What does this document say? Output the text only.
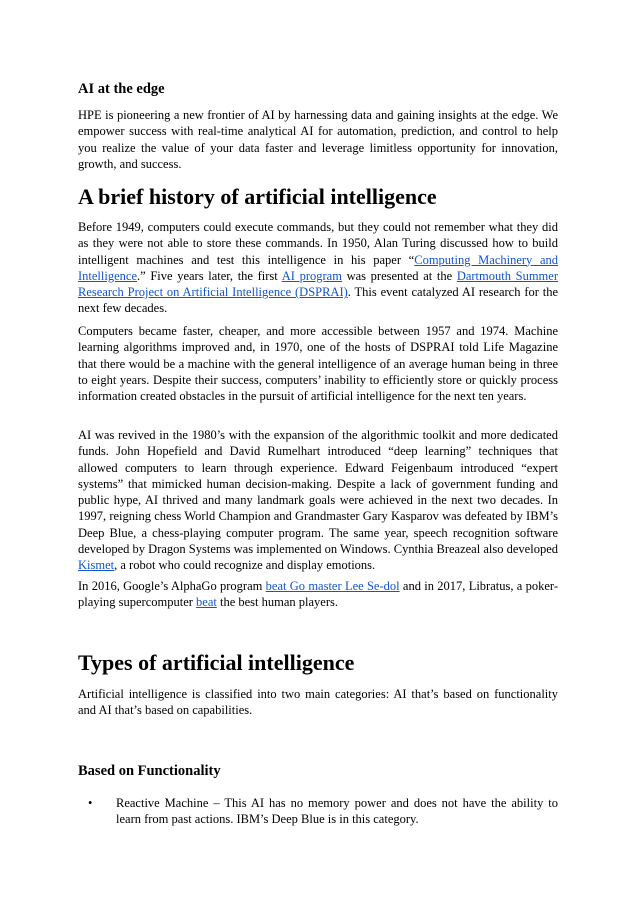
AI at the edge

HPE is pioneering a new frontier of AI by harnessing data and gaining insights at the edge. We empower success with real-time analytical AI for automation, prediction, and control to help you realize the value of your data faster and leverage limitless opportunity for innovation, growth, and success.

A brief history of artificial intelligence

Before 1949, computers could execute commands, but they could not remember what they did as they were not able to store these commands. In 1950, Alan Turing discussed how to build intelligent machines and test this intelligence in his paper “Computing Machinery and Intelligence.” Five years later, the first AI program was presented at the Dartmouth Summer Research Project on Artificial Intelligence (DSPRAI). This event catalyzed AI research for the next few decades.

Computers became faster, cheaper, and more accessible between 1957 and 1974. Machine learning algorithms improved and, in 1970, one of the hosts of DSPRAI told Life Magazine that there would be a machine with the general intelligence of an average human being in three to eight years. Despite their success, computers’ inability to efficiently store or quickly process information created obstacles in the pursuit of artificial intelligence for the next ten years.

AI was revived in the 1980’s with the expansion of the algorithmic toolkit and more dedicated funds. John Hopefield and David Rumelhart introduced “deep learning” techniques that allowed computers to learn through experience. Edward Feigenbaum introduced “expert systems” that mimicked human decision-making. Despite a lack of government funding and public hype, AI thrived and many landmark goals were achieved in the next two decades. In 1997, reigning chess World Champion and Grandmaster Gary Kasparov was defeated by IBM’s Deep Blue, a chess-playing computer program. The same year, speech recognition software developed by Dragon Systems was implemented on Windows. Cynthia Breazeal also developed Kismet, a robot who could recognize and display emotions.

In 2016, Google’s AlphaGo program beat Go master Lee Se-dol and in 2017, Libratus, a poker-playing supercomputer beat the best human players.

Types of artificial intelligence

Artificial intelligence is classified into two main categories: AI that’s based on functionality and AI that’s based on capabilities.

Based on Functionality
• Reactive Machine – This AI has no memory power and does not have the ability to learn from past actions. IBM’s Deep Blue is in this category.
